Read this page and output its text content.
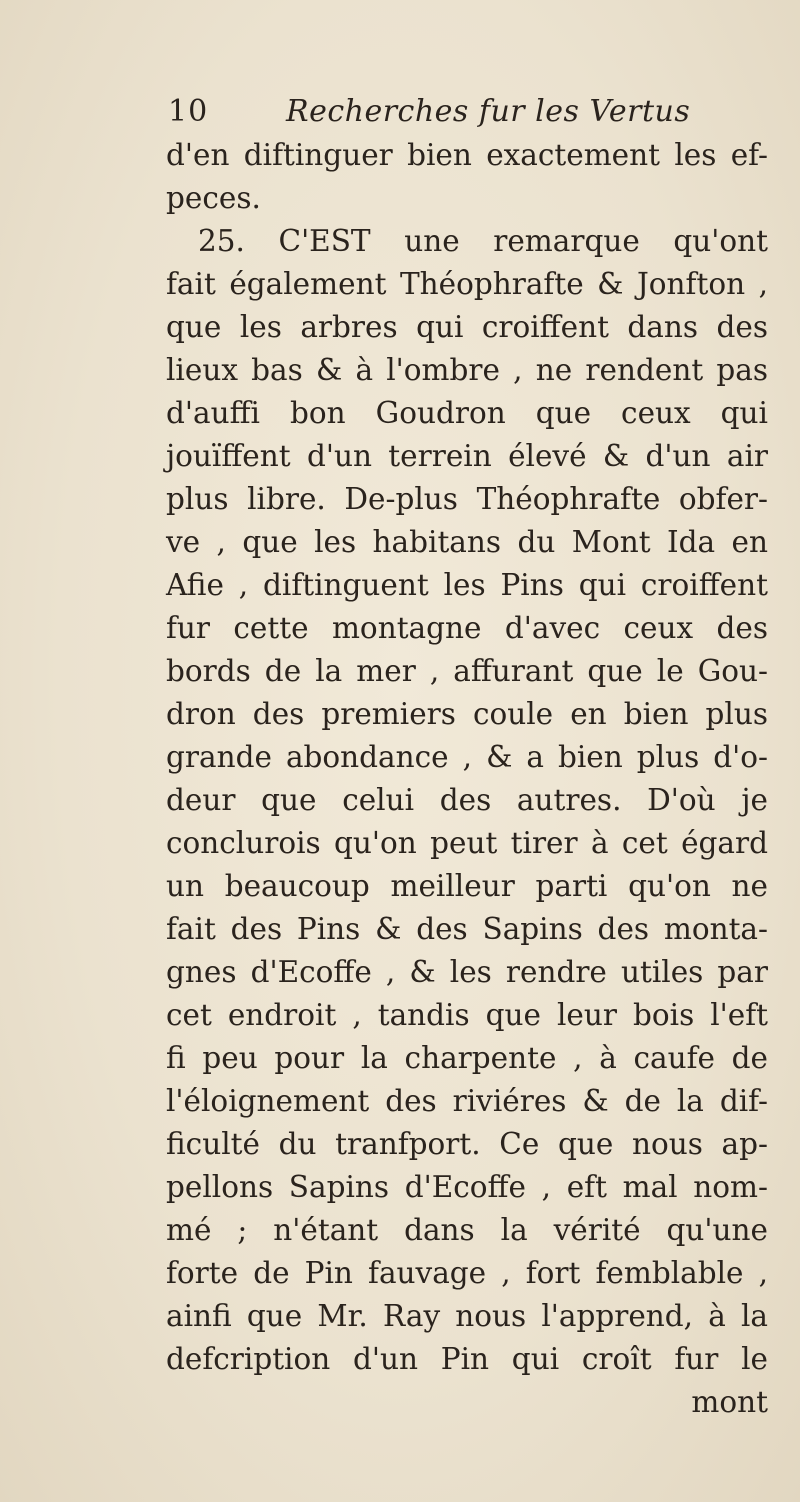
10	Recherches fur les Vertus
d'en diftinguer bien exactement les ef-
peces.
25. C'EST une remarque qu'ont
fait également Théophrafte & Jonfton ,
que les arbres qui croiffent dans des
lieux bas & à l'ombre , ne rendent pas
d'auffi bon Goudron que ceux qui
jouïffent d'un terrein élevé & d'un air
plus libre. De-plus Théophrafte obfer-
ve , que les habitans du Mont Ida en
Afie , diftinguent les Pins qui croiffent
fur cette montagne d'avec ceux des
bords de la mer , affurant que le Gou-
dron des premiers coule en bien plus
grande abondance , & a bien plus d'o-
deur que celui des autres. D'où je
conclurois qu'on peut tirer à cet égard
un beaucoup meilleur parti qu'on ne
fait des Pins & des Sapins des monta-
gnes d'Ecoffe , & les rendre utiles par
cet endroit , tandis que leur bois l'eft
fi peu pour la charpente , à caufe de
l'éloignement des riviéres & de la dif-
ficulté du tranfport. Ce que nous ap-
pellons Sapins d'Ecoffe , eft mal nom-
mé ; n'étant dans la vérité qu'une
forte de Pin fauvage , fort femblable ,
ainfi que Mr. Ray nous l'apprend, à la
defcription d'un Pin qui croît fur le
mont
